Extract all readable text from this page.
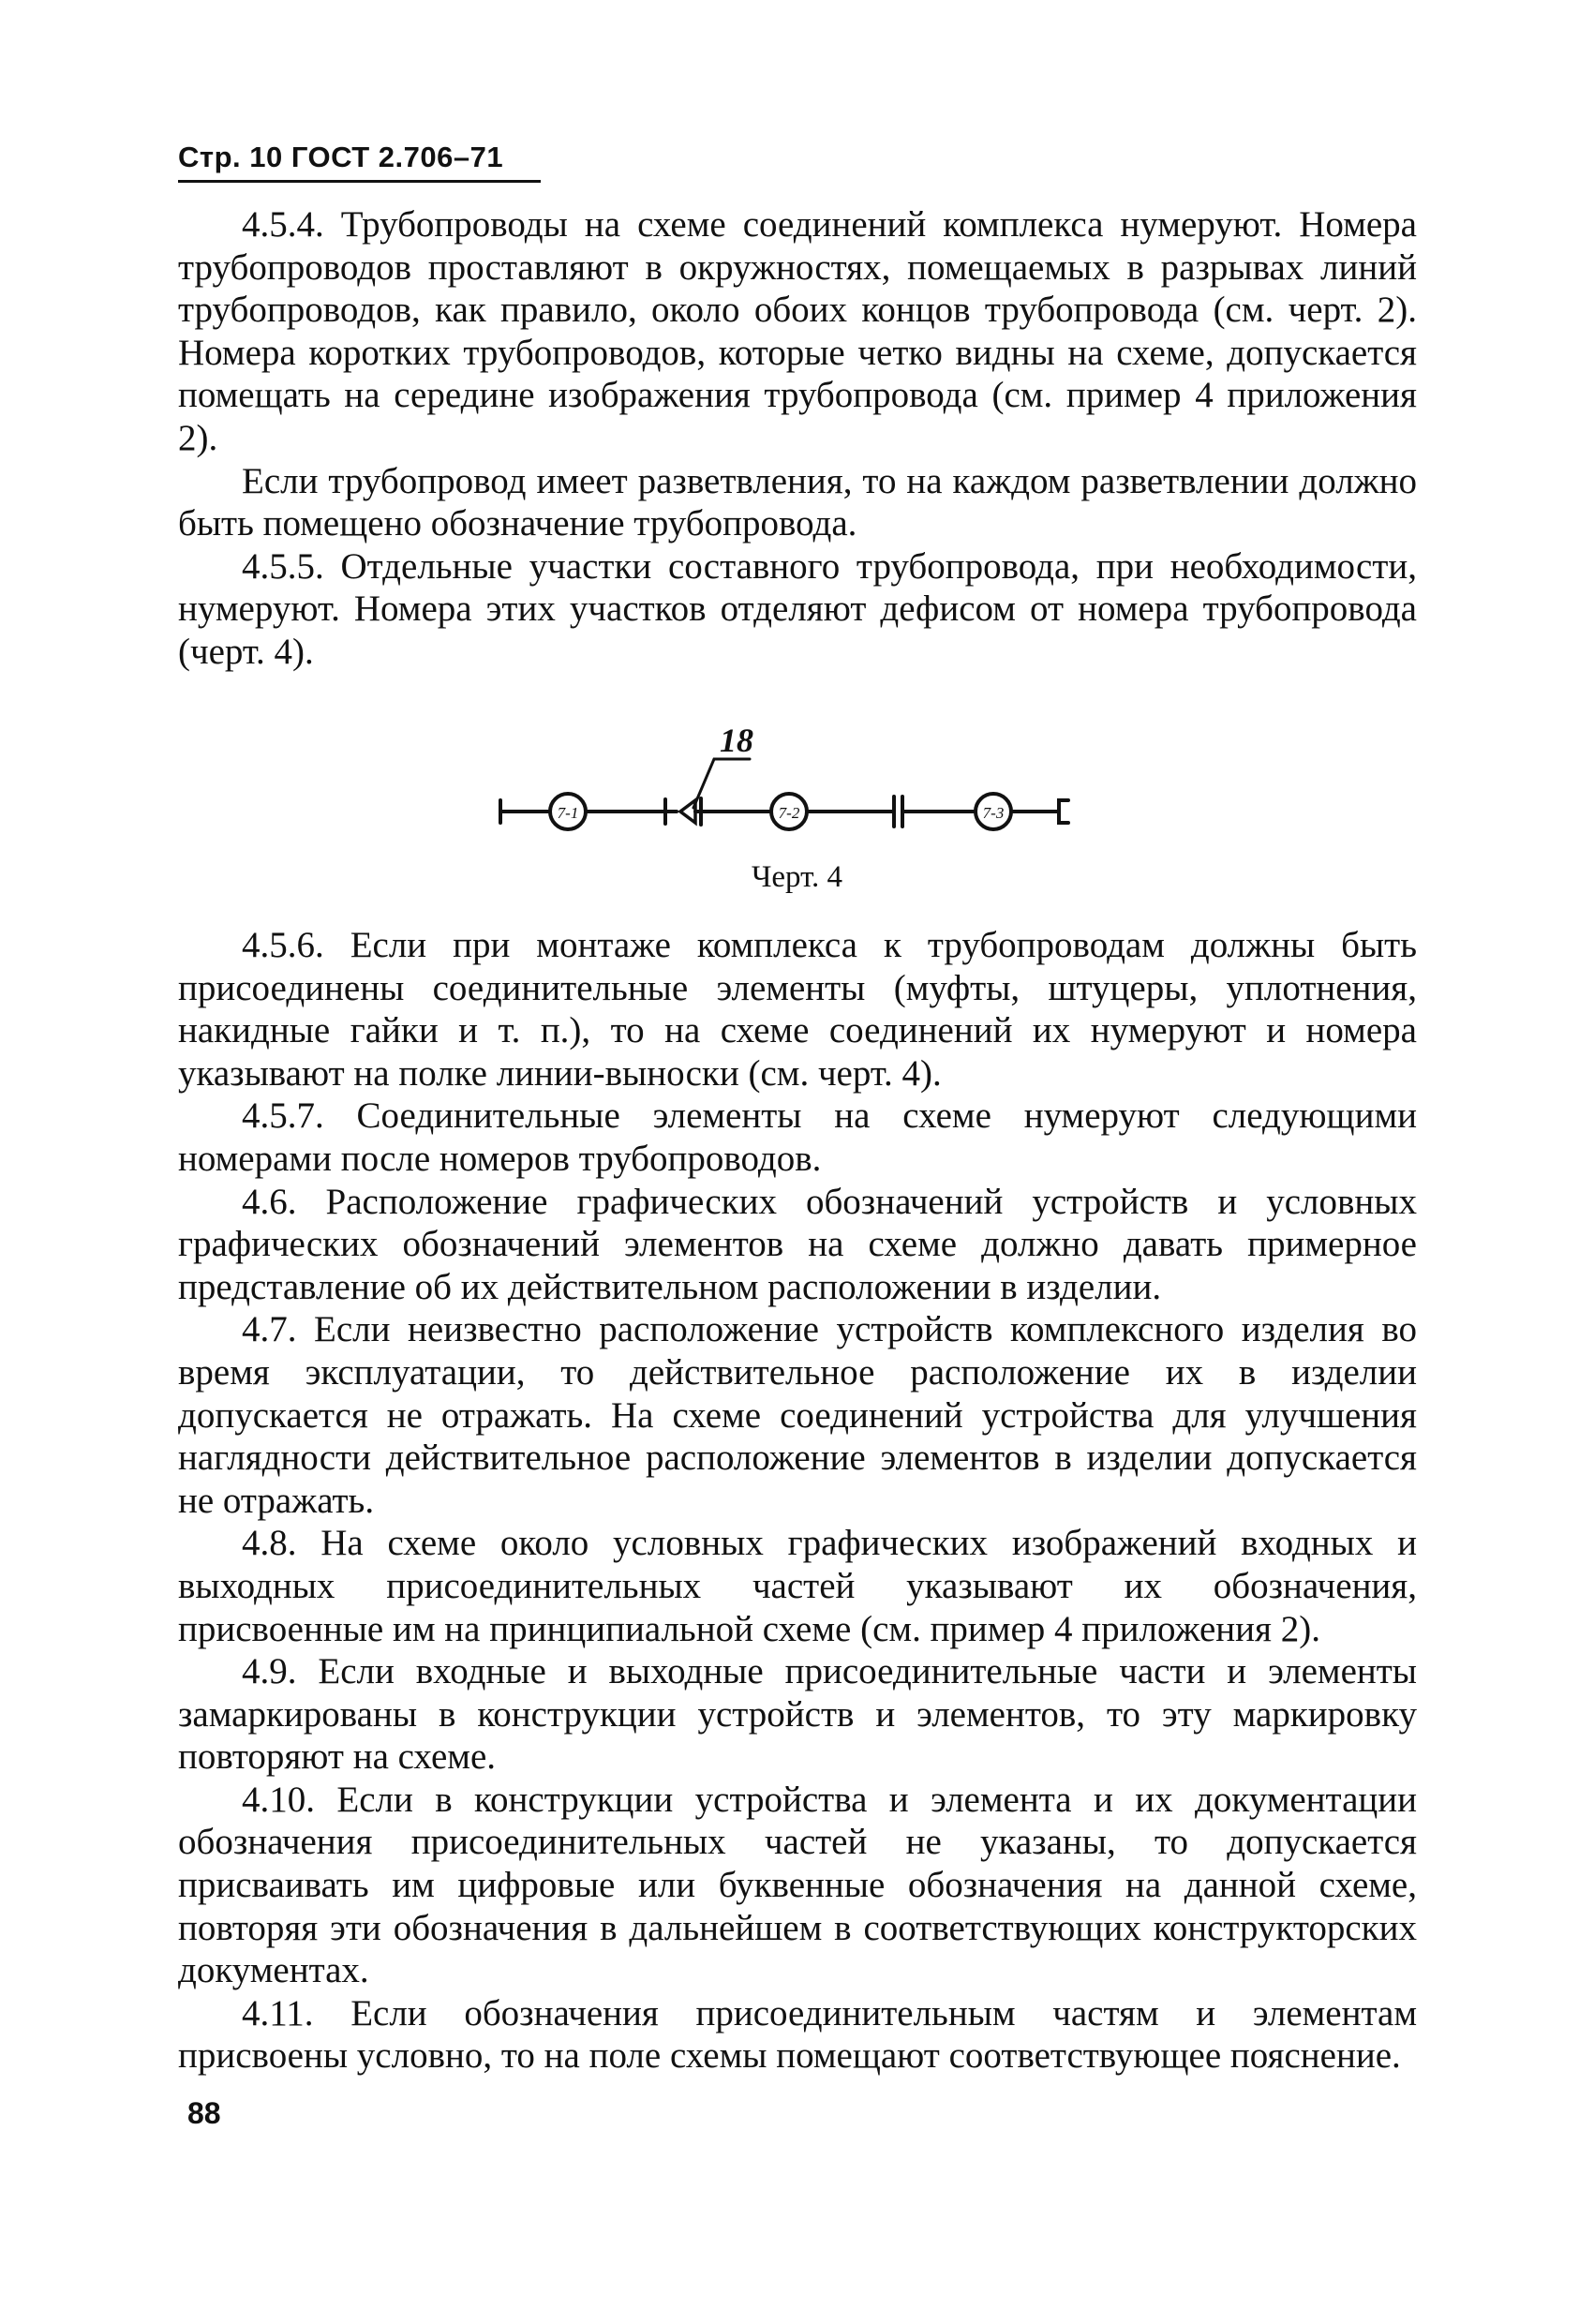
Стр. 10 ГОСТ 2.706–71

4.5.4. Трубопроводы на схеме соединений комплекса нумеруют. Номера трубопроводов проставляют в окружностях, помещаемых в разрывах линий трубопроводов, как правило, около обоих концов трубопровода (см. черт. 2). Номера коротких трубопроводов, которые четко видны на схеме, допускается помещать на середине изображения трубопровода (см. пример 4 приложения 2).

Если трубопровод имеет разветвления, то на каждом разветвлении должно быть помещено обозначение трубопровода.

4.5.5. Отдельные участки составного трубопровода, при необходимости, нумеруют. Номера этих участков отделяют дефисом от номера трубопровода (черт. 4).

18
7-1	7-2	7-3
Черт. 4

4.5.6. Если при монтаже комплекса к трубопроводам должны быть присоединены соединительные элементы (муфты, штуцеры, уплотнения, накидные гайки и т. п.), то на схеме соединений их нумеруют и номера указывают на полке линии-выноски (см. черт. 4).

4.5.7. Соединительные элементы на схеме нумеруют следующими номерами после номеров трубопроводов.

4.6. Расположение графических обозначений устройств и условных графических обозначений элементов на схеме должно давать примерное представление об их действительном расположении в изделии.

4.7. Если неизвестно расположение устройств комплексного изделия во время эксплуатации, то действительное расположение их в изделии допускается не отражать. На схеме соединений устройства для улучшения наглядности действительное расположение элементов в изделии допускается не отражать.

4.8. На схеме около условных графических изображений входных и выходных присоединительных частей указывают их обозначения, присвоенные им на принципиальной схеме (см. пример 4 приложения 2).

4.9. Если входные и выходные присоединительные части и элементы замаркированы в конструкции устройств и элементов, то эту маркировку повторяют на схеме.

4.10. Если в конструкции устройства и элемента и их документации обозначения присоединительных частей не указаны, то допускается присваивать им цифровые или буквенные обозначения на данной схеме, повторяя эти обозначения в дальнейшем в соответствующих конструкторских документах.

4.11. Если обозначения присоединительным частям и элементам присвоены условно, то на поле схемы помещают соответствующее пояснение.

88
